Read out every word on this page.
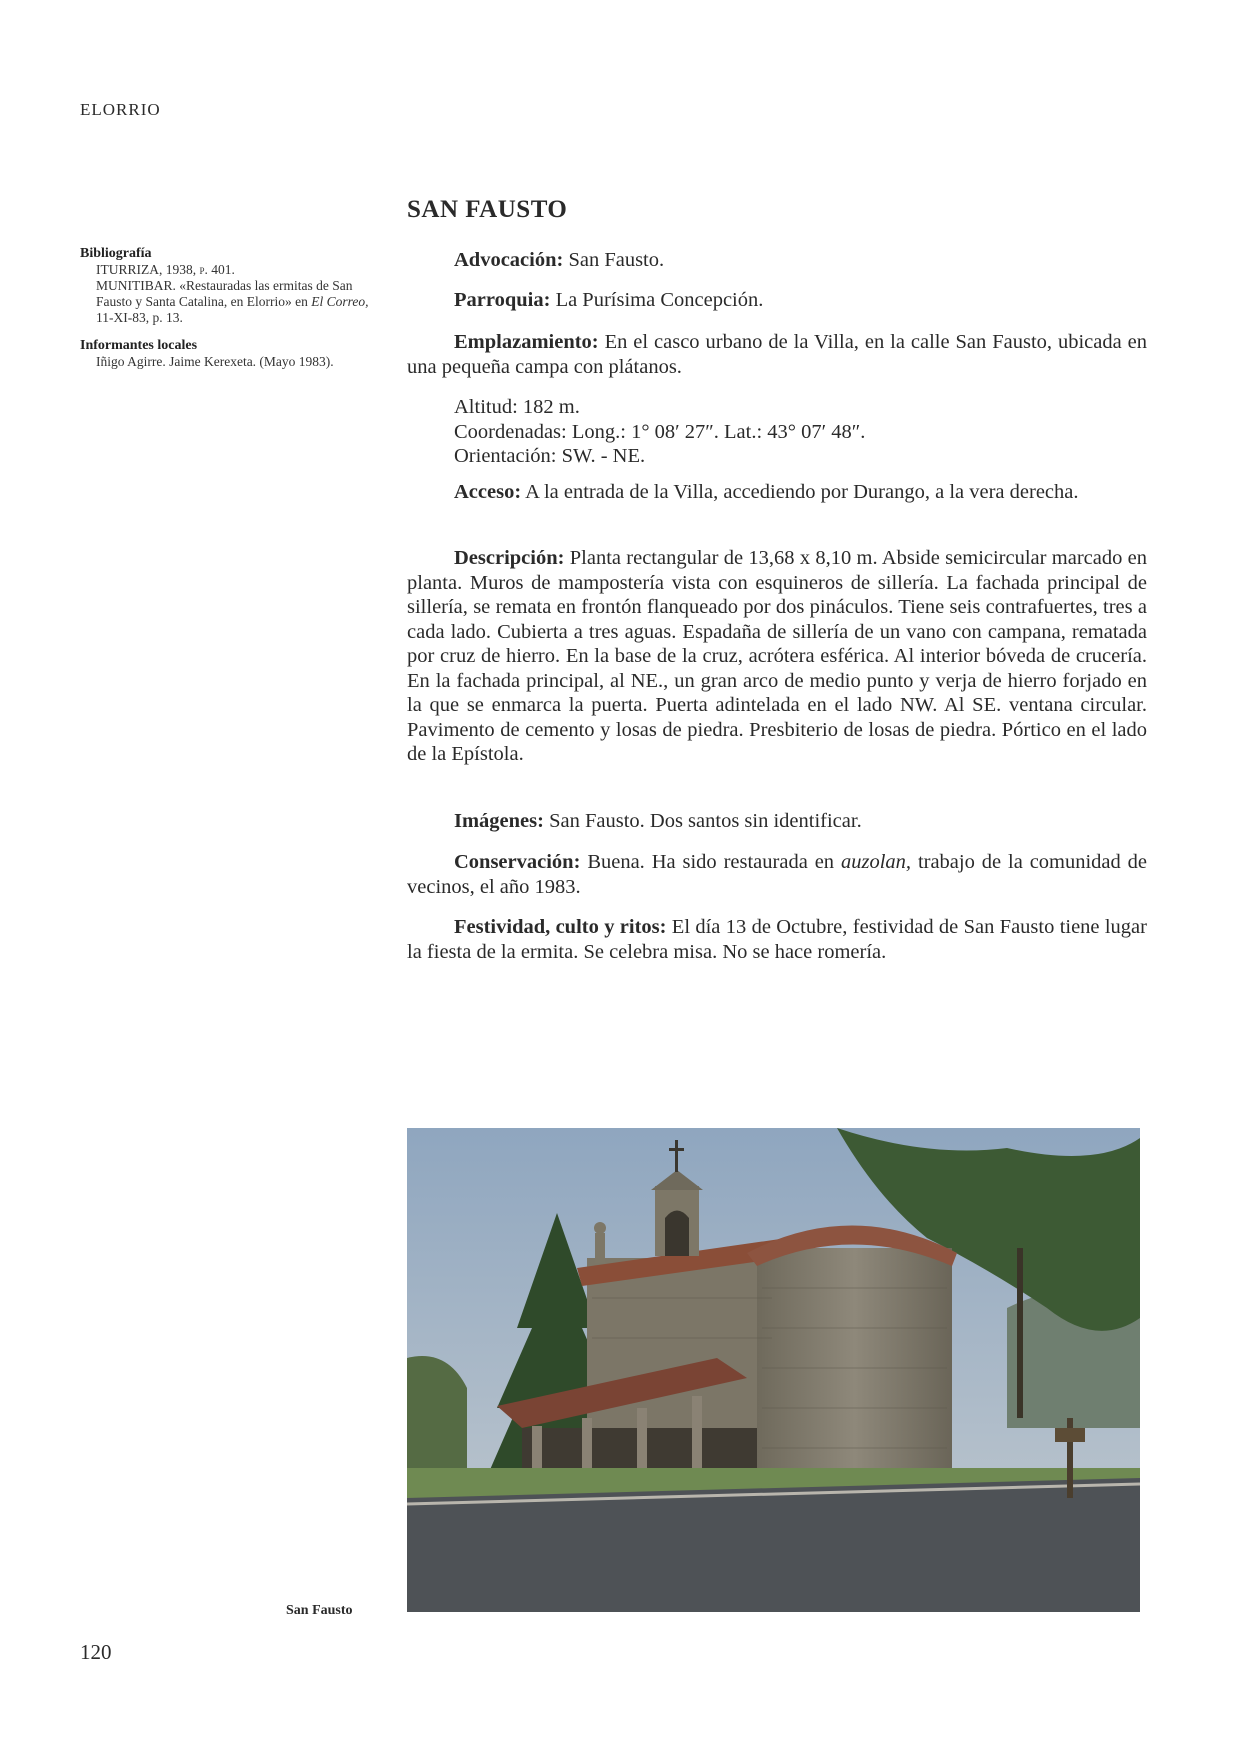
ELORRIO
Bibliografía

ITURRIZA, 1938, p. 401.

MUNITIBAR. «Restauradas las ermitas de San Fausto y Santa Catalina, en Elorrio» en El Correo, 11-XI-83, p. 13.

Informantes locales

Iñigo Agirre. Jaime Kerexeta. (Mayo 1983).

SAN FAUSTO

Advocación: San Fausto.

Parroquia: La Purísima Concepción.

Emplazamiento: En el casco urbano de la Villa, en la calle San Fausto, ubicada en una pequeña campa con plátanos.

Altitud: 182 m.
Coordenadas: Long.: 1° 08′ 27″. Lat.: 43° 07′ 48″.
Orientación: SW. - NE.

Acceso: A la entrada de la Villa, accediendo por Durango, a la vera derecha.

Descripción: Planta rectangular de 13,68 x 8,10 m. Abside semicircular marcado en planta. Muros de mampostería vista con esquineros de sillería. La fachada principal de sillería, se remata en frontón flanqueado por dos pináculos. Tiene seis contrafuertes, tres a cada lado. Cubierta a tres aguas. Espadaña de sillería de un vano con campana, rematada por cruz de hierro. En la base de la cruz, acrótera esférica. Al interior bóveda de crucería. En la fachada principal, al NE., un gran arco de medio punto y verja de hierro forjado en la que se enmarca la puerta. Puerta adintelada en el lado NW. Al SE. ventana circular. Pavimento de cemento y losas de piedra. Presbiterio de losas de piedra. Pórtico en el lado de la Epístola.

Imágenes: San Fausto. Dos santos sin identificar.

Conservación: Buena. Ha sido restaurada en auzolan, trabajo de la comunidad de vecinos, el año 1983.

Festividad, culto y ritos: El día 13 de Octubre, festividad de San Fausto tiene lugar la fiesta de la ermita. Se celebra misa. No se hace romería.

San Fausto
120
